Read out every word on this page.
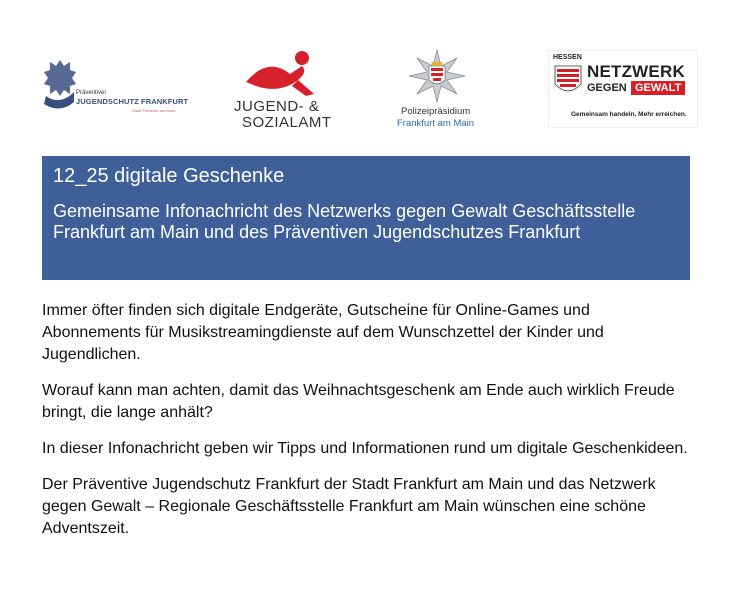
Präventiver
JUGENDSCHUTZ FRANKFURT
Stadt Frankfurt am Main	JUGEND- &
SOZIALAMT
Polizeipräsidium
Frankfurt am Main
HESSEN
NETZWERK
GEGEN GEWALT
Gemeinsam handeln. Mehr erreichen.
12_25 digitale Geschenke
Gemeinsame Infonachricht des Netzwerks gegen Gewalt Geschäftsstelle Frankfurt am Main und des Präventiven Jugendschutzes Frankfurt

Immer öfter finden sich digitale Endgeräte, Gutscheine für Online-Games und Abonnements für Musikstreamingdienste auf dem Wunschzettel der Kinder und Jugendlichen.

Worauf kann man achten, damit das Weihnachtsgeschenk am Ende auch wirklich Freude bringt, die lange anhält?

In dieser Infonachricht geben wir Tipps und Informationen rund um digitale Geschenkideen.

Der Präventive Jugendschutz Frankfurt der Stadt Frankfurt am Main und das Netzwerk gegen Gewalt – Regionale Geschäftsstelle Frankfurt am Main wünschen eine schöne Adventszeit.
